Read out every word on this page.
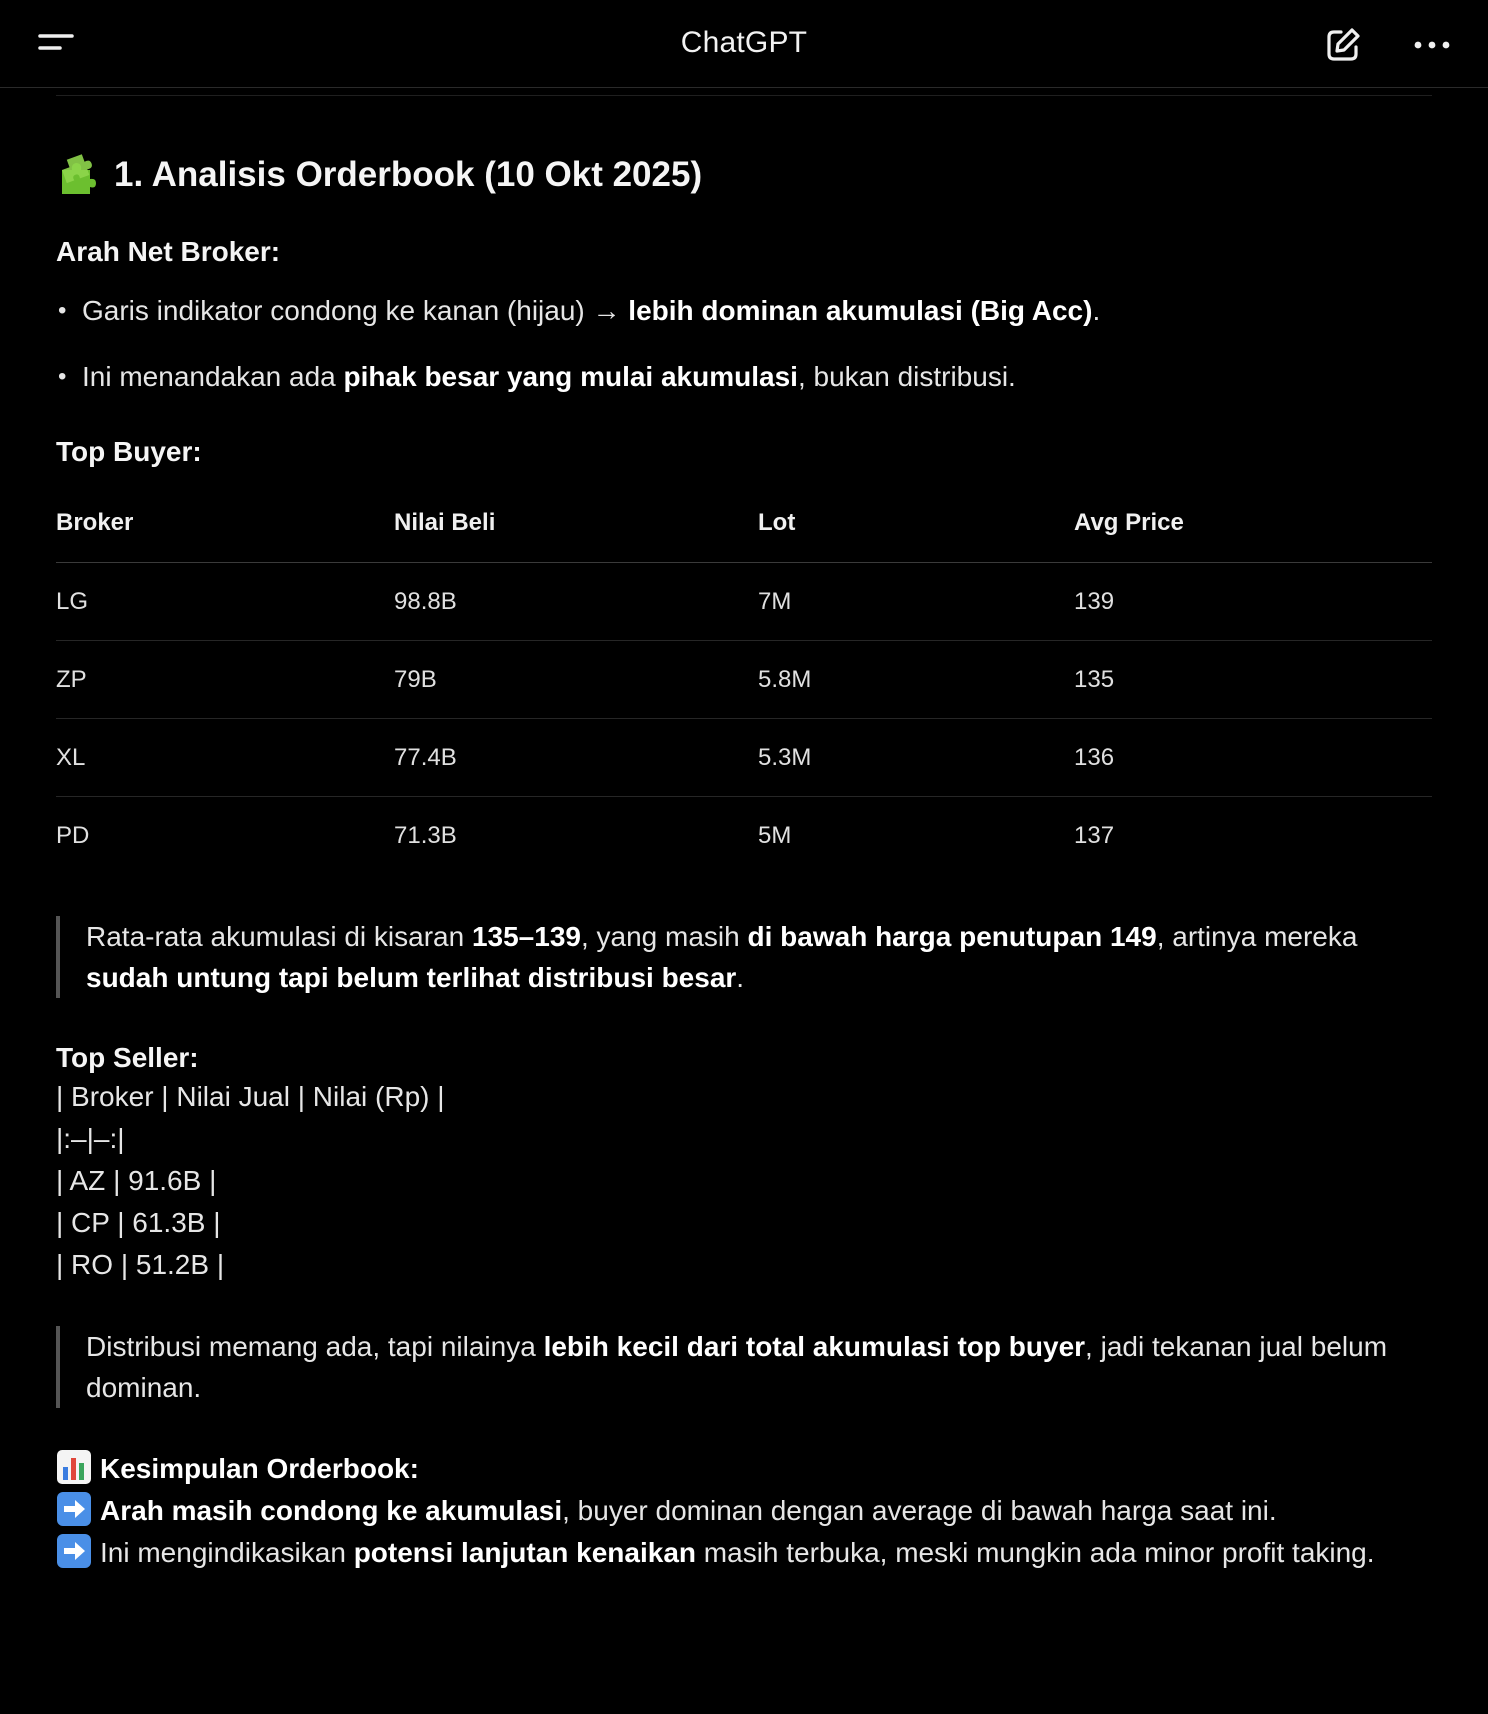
ChatGPT
1. Analisis Orderbook (10 Okt 2025)
Arah Net Broker:
• Garis indikator condong ke kanan (hijau) → lebih dominan akumulasi (Big Acc).
• Ini menandakan ada pihak besar yang mulai akumulasi, bukan distribusi.
Top Buyer:
Broker	Nilai Beli	Lot	Avg Price
LG	98.8B	7M	139
ZP	79B	5.8M	135
XL	77.4B	5.3M	136
PD	71.3B	5M	137
Rata-rata akumulasi di kisaran 135–139, yang masih di bawah harga penutupan 149, artinya mereka sudah untung tapi belum terlihat distribusi besar.
Top Seller:
| Broker | Nilai Jual | Nilai (Rp) |
|:–|–:|
| AZ | 91.6B |
| CP | 61.3B |
| RO | 51.2B |
Distribusi memang ada, tapi nilainya lebih kecil dari total akumulasi top buyer, jadi tekanan jual belum dominan.
Kesimpulan Orderbook:
Arah masih condong ke akumulasi, buyer dominan dengan average di bawah harga saat ini.
Ini mengindikasikan potensi lanjutan kenaikan masih terbuka, meski mungkin ada minor profit taking.
